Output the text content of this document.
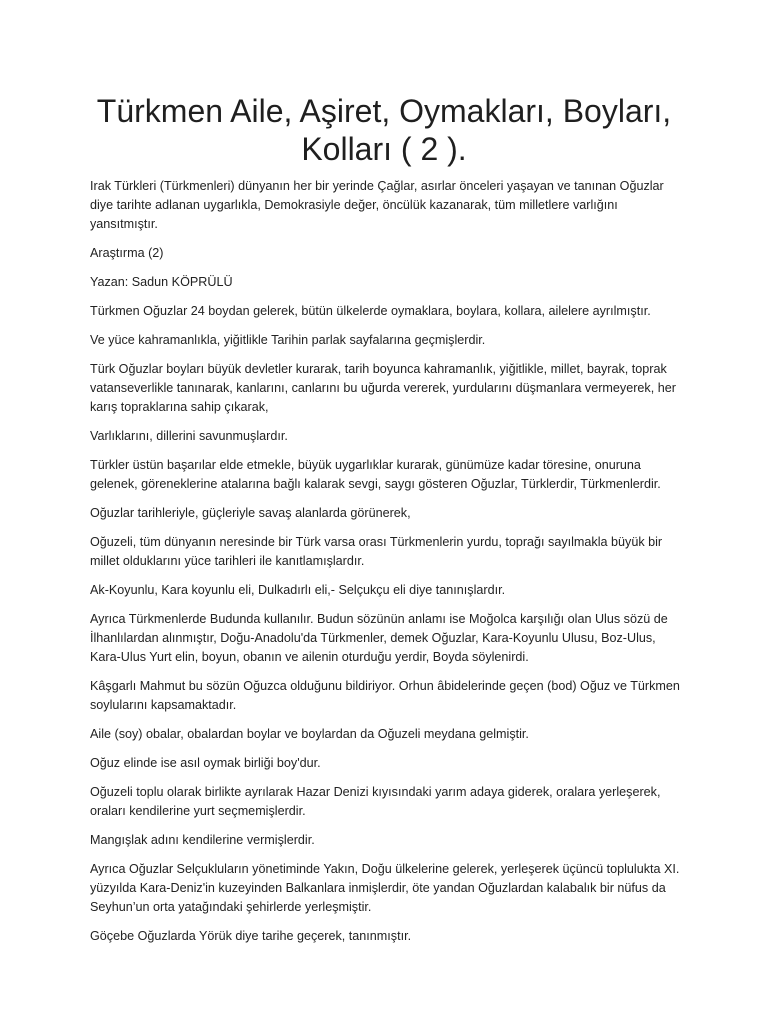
Türkmen Aile, Aşiret, Oymakları, Boyları, Kolları ( 2 ).

Irak Türkleri (Türkmenleri) dünyanın her bir yerinde Çağlar, asırlar önceleri yaşayan ve tanınan Oğuzlar diye tarihte adlanan uygarlıkla, Demokrasiyle değer, öncülük kazanarak, tüm milletlere varlığını yansıtmıştır.

Araştırma (2)

Yazan: Sadun KÖPRÜLÜ

Türkmen Oğuzlar 24 boydan gelerek, bütün ülkelerde oymaklara, boylara, kollara, ailelere ayrılmıştır.

Ve yüce kahramanlıkla, yiğitlikle Tarihin parlak sayfalarına geçmişlerdir.

Türk Oğuzlar boyları büyük devletler kurarak, tarih boyunca kahramanlık, yiğitlikle, millet, bayrak, toprak vatanseverlikle tanınarak, kanlarını, canlarını bu uğurda vererek, yurdularını düşmanlara vermeyerek, her karış topraklarına sahip çıkarak,

Varlıklarını, dillerini savunmuşlardır.

Türkler üstün başarılar elde etmekle, büyük uygarlıklar kurarak, günümüze kadar töresine, onuruna gelenek, göreneklerine atalarına bağlı kalarak sevgi, saygı gösteren Oğuzlar, Türklerdir, Türkmenlerdir.

Oğuzlar tarihleriyle, güçleriyle savaş alanlarda görünerek,

Oğuzeli, tüm dünyanın neresinde bir Türk varsa orası Türkmenlerin yurdu, toprağı sayılmakla büyük bir millet olduklarını yüce tarihleri ile kanıtlamışlardır.

Ak-Koyunlu, Kara koyunlu eli, Dulkadırlı eli,- Selçukçu eli diye tanınışlardır.

Ayrıca Türkmenlerde Budunda kullanılır. Budun sözünün anlamı ise Moğolca karşılığı olan Ulus sözü de İlhanlılardan alınmıştır, Doğu-Anadolu'da Türkmenler, demek Oğuzlar, Kara-Koyunlu Ulusu, Boz-Ulus, Kara-Ulus Yurt elin, boyun, obanın ve ailenin oturduğu yerdir, Boyda söylenirdi.

Kâşgarlı Mahmut bu sözün Oğuzca olduğunu bildiriyor. Orhun âbidelerinde geçen (bod) Oğuz ve Türkmen soylularını kapsamaktadır.

Aile (soy) obalar, obalardan boylar ve boylardan da Oğuzeli meydana gelmiştir.

Oğuz elinde ise asıl oymak birliği boy'dur.

Oğuzeli toplu olarak birlikte ayrılarak Hazar Denizi kıyısındaki yarım adaya giderek, oralara yerleşerek, oraları kendilerine yurt seçmemişlerdir.

Mangışlak adını kendilerine vermişlerdir.

Ayrıca Oğuzlar Selçukluların yönetiminde Yakın, Doğu ülkelerine gelerek, yerleşerek üçüncü toplulukta XI. yüzyılda Kara-Deniz'in kuzeyinden Balkanlara inmişlerdir, öte yandan Oğuzlardan kalabalık bir nüfus da Seyhun’un orta yatağındaki şehirlerde yerleşmiştir.

Göçebe Oğuzlarda Yörük diye tarihe geçerek, tanınmıştır.
